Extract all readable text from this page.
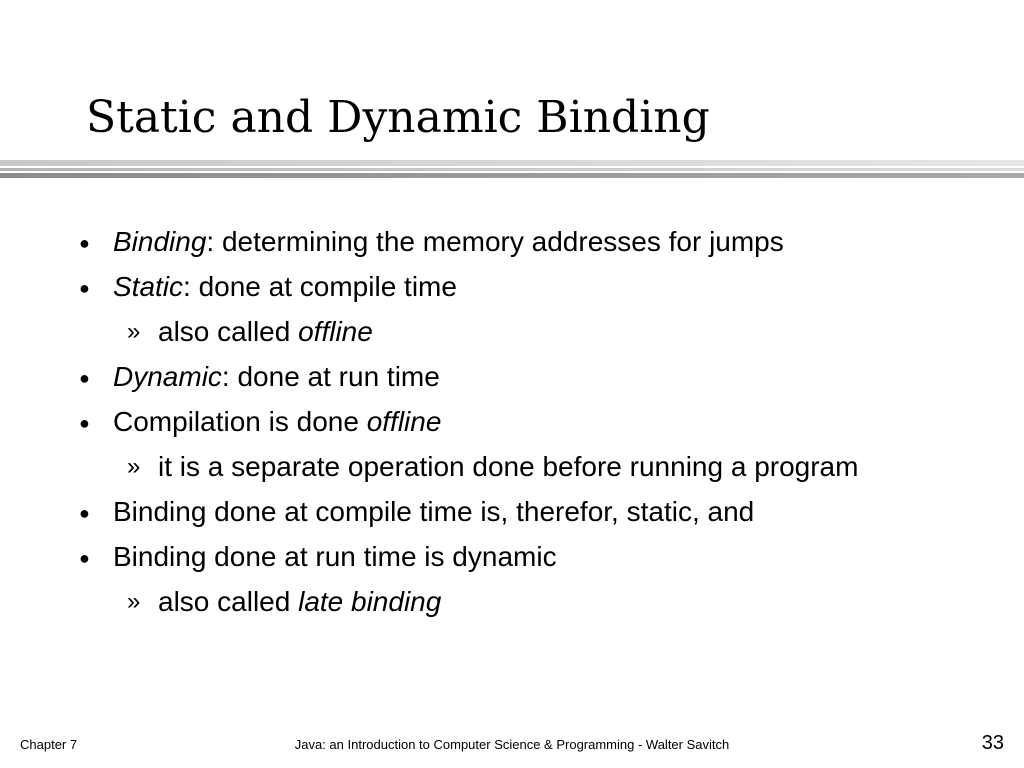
Static and Dynamic Binding
● Binding: determining the memory addresses for jumps
● Static: done at compile time
» also called offline
● Dynamic: done at run time
● Compilation is done offline
» it is a separate operation done before running a program
● Binding done at compile time is, therefor, static, and
● Binding done at run time is dynamic
» also called late binding
Chapter 7	Java: an Introduction to Computer Science & Programming - Walter Savitch	33
